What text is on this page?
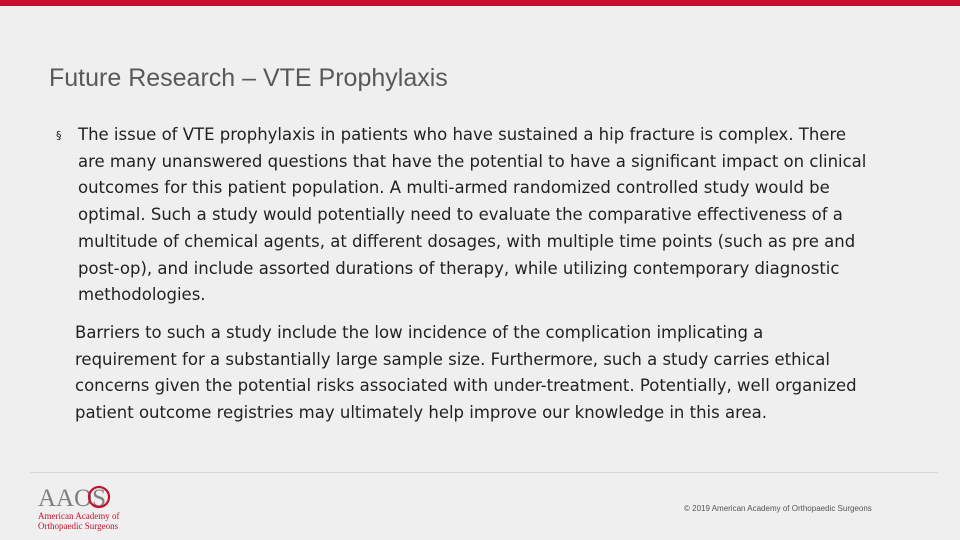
Future Research – VTE Prophylaxis
§	The issue of VTE prophylaxis in patients who have sustained a hip fracture is complex. There are many unanswered questions that have the potential to have a significant impact on clinical outcomes for this patient population. A multi-armed randomized controlled study would be optimal. Such a study would potentially need to evaluate the comparative effectiveness of a multitude of chemical agents, at different dosages, with multiple time points (such as pre and post-op), and include assorted durations of therapy, while utilizing contemporary diagnostic methodologies.

Barriers to such a study include the low incidence of the complication implicating a requirement for a substantially large sample size. Furthermore, such a study carries ethical concerns given the potential risks associated with under-treatment. Potentially, well organized patient outcome registries may ultimately help improve our knowledge in this area.

AAOS
American Academy of
Orthopaedic Surgeons
© 2019 American Academy of Orthopaedic Surgeons
